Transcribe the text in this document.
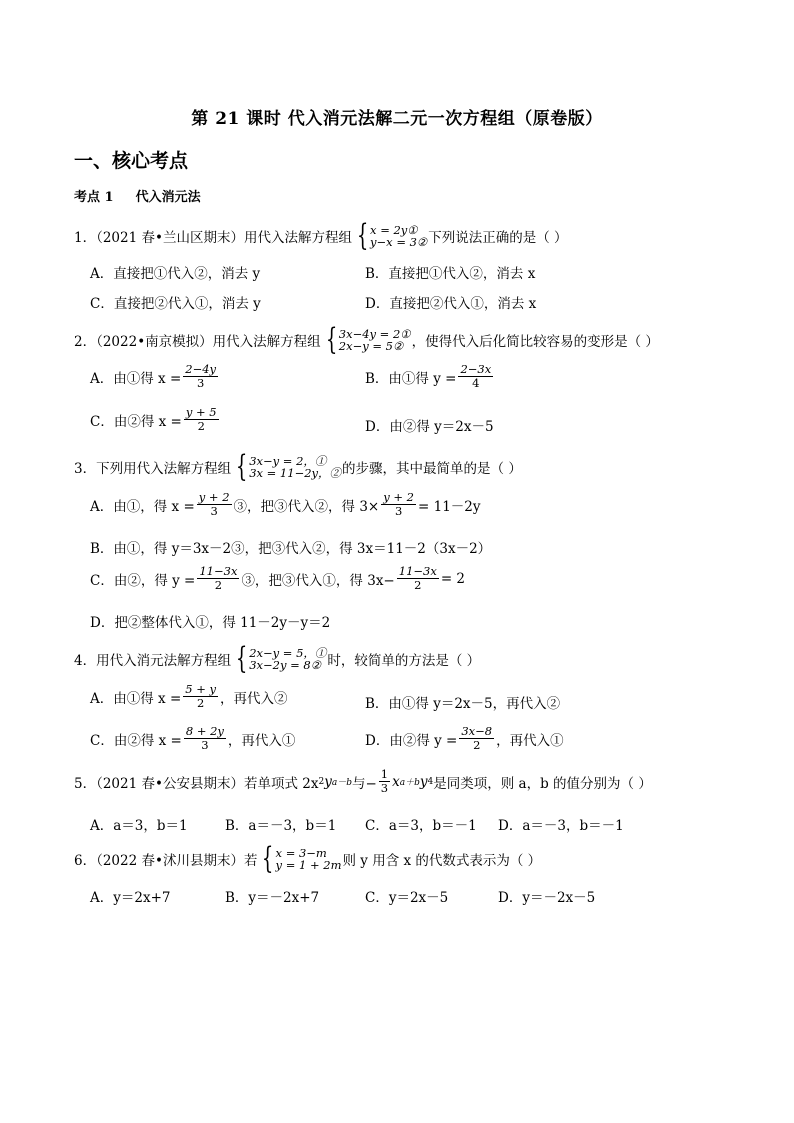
第 21 课时 代入消元法解二元一次方程组（原卷版）
一、核心考点
考点 1 代入消元法
1．（2021 春•兰山区期末）用代入法解方程组 { x = 2y①
y−x = 3② 下列说法正确的是（ ）
A．直接把①代入②，消去 y	B．直接把①代入②，消去 x
C．直接把②代入①，消去 y	D．直接把②代入①，消去 x
2．（2022•南京模拟）用代入法解方程组 { 3x−4y = 2①
2x−y = 5② ，使得代入后化简比较容易的变形是（ ）
A．由①得 $x = \frac{2-4y}{3}$	B．由①得 $y = \frac{2-3x}{4}$
C．由②得 $x = \frac{y + 5}{2}$	D．由②得 y＝2x－5
3．下列用代入法解方程组 { 3x−y = 2，①
3x = 11−2y，② 的步骤，其中最简单的是（ ）
A．由①，得 $x = \frac{y + 2}{3}$ ③，把③代入②，得 $3\times \frac{y + 2}{3} = 11-2y$
B．由①，得 y＝3x－2③，把③代入②，得 3x＝11－2（3x－2）
C．由②，得 $y = \frac{11-3x}{2}$ ③，把③代入①，得 $3x- \frac{11-3x}{2} = 2$
D．把②整体代入①，得 11－2y－y＝2
4．用代入消元法解方程组 { 2x−y = 5，①
3x−2y = 8② 时，较简单的方法是（ ）
A．由①得 $x = \frac{5 + y}{2}$ ，再代入②	B．由①得 y＝2x－5，再代入②
C．由②得 $x = \frac{8 + 2y}{3}$ ，再代入①	D．由②得 $y = \frac{3x-8}{2}$ ，再代入①
5．（2021 春•公安县期末）若单项式 2x 2 y a－b 与− $\frac{1}{3}$ x a＋b y 4 是同类项，则 a，b 的值分别为（ ）
A．a＝3，b＝1	B．a＝－3，b＝1 C．a＝3，b＝－1 D．a＝－3，b＝－1
6．（2022 春•沭川县期末）若 { x = 3−m
y = 1 + 2m 则 y 用含 x 的代数式表示为（ ）
A．y＝2x+7	B．y＝－2x+7	C．y＝2x－5	D．y＝－2x－5
